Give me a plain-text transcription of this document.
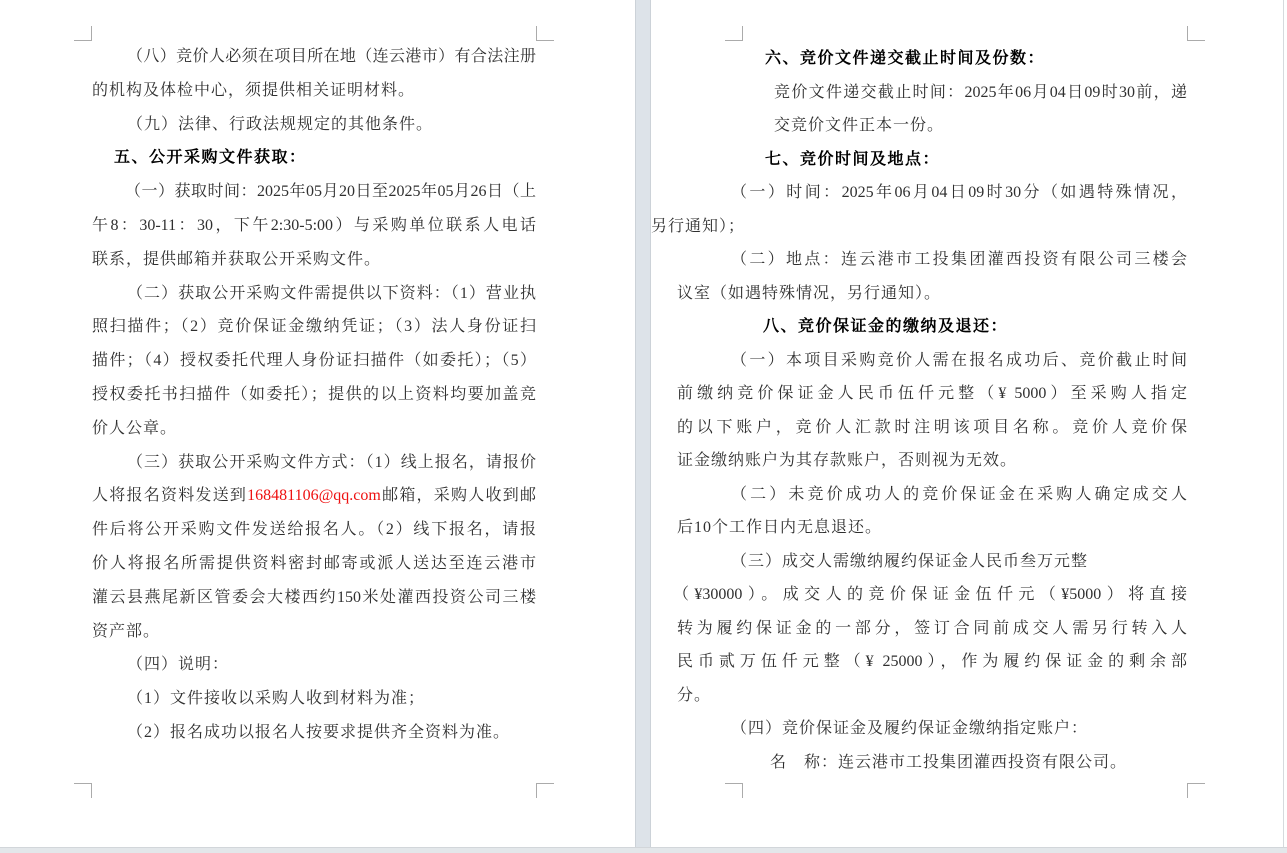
（八）竞价人必须在项目所在地（连云港市）有合法注册
的机构及体检中心，须提供相关证明材料。
（九）法律、行政法规规定的其他条件。
五、公开采购文件获取：
（一）获取时间：2025年05月20日至2025年05月26日（上
午8：30-11：30，下午2:30-5:00）与采购单位联系人电话
联系，提供邮箱并获取公开采购文件。
（二）获取公开采购文件需提供以下资料：（1）营业执
照扫描件；（2）竞价保证金缴纳凭证；（3）法人身份证扫
描件；（4）授权委托代理人身份证扫描件（如委托）；（5）
授权委托书扫描件（如委托）；提供的以上资料均要加盖竞
价人公章。
（三）获取公开采购文件方式：（1）线上报名，请报价
人将报名资料发送到168481106@qq.com邮箱，采购人收到邮
件后将公开采购文件发送给报名人。（2）线下报名，请报
价人将报名所需提供资料密封邮寄或派人送达至连云港市
灌云县燕尾新区管委会大楼西约150米处灌西投资公司三楼
资产部。
（四）说明：
（1）文件接收以采购人收到材料为准；
（2）报名成功以报名人按要求提供齐全资料为准。
六、竞价文件递交截止时间及份数：
竞价文件递交截止时间：2025年06月04日09时30前，递
交竞价文件正本一份。
七、竞价时间及地点：
（一）时间：2025年06月04日09时30分（如遇特殊情况，
另行通知）；
（二）地点：连云港市工投集团灌西投资有限公司三楼会
议室（如遇特殊情况，另行通知）。
八、竞价保证金的缴纳及退还：
（一）本项目采购竞价人需在报名成功后、竞价截止时间
前缴纳竞价保证金人民币伍仟元整（¥ 5000）至采购人指定
的以下账户，竞价人汇款时注明该项目名称。竞价人竞价保
证金缴纳账户为其存款账户，否则视为无效。
（二）未竞价成功人的竞价保证金在采购人确定成交人
后10个工作日内无息退还。
（三）成交人需缴纳履约保证金人民币叁万元整
（¥30000）。成交人的竞价保证金伍仟元（¥5000）将直接
转为履约保证金的一部分，签订合同前成交人需另行转入人
民币贰万伍仟元整（¥ 25000），作为履约保证金的剩余部
分。
（四）竞价保证金及履约保证金缴纳指定账户：
名　称：连云港市工投集团灌西投资有限公司。
